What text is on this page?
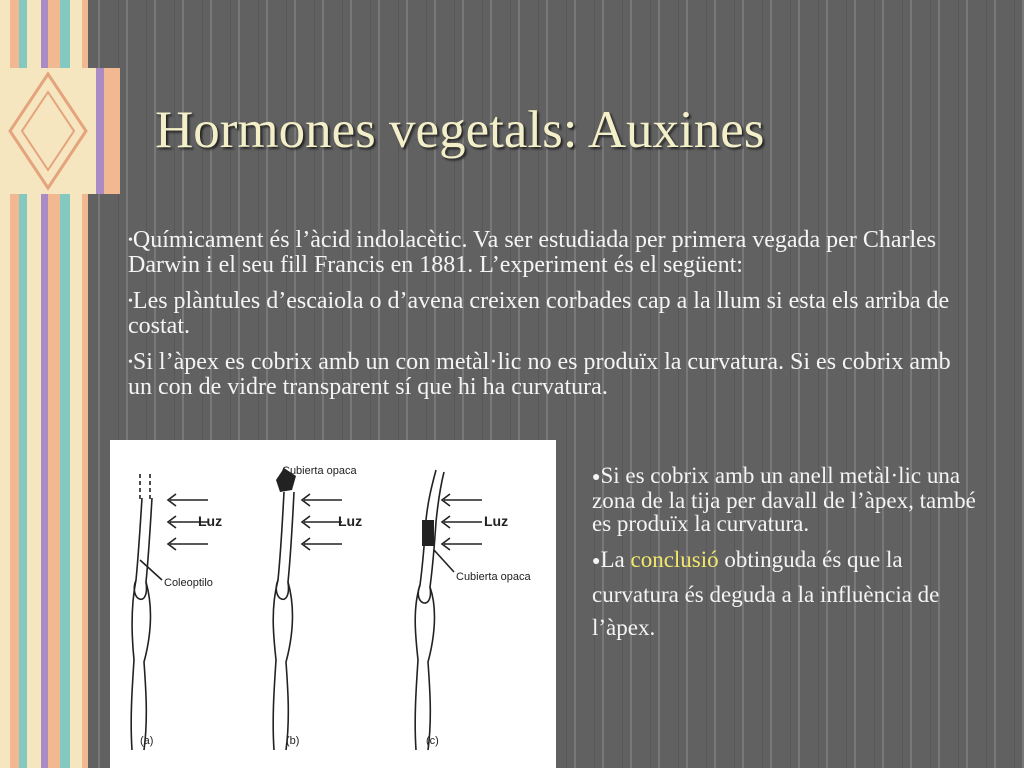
Hormones vegetals: Auxines

•Químicament és l’àcid indolacètic. Va ser estudiada per primera vegada per Charles Darwin i el seu fill Francis en 1881. L’experiment és el següent:

•Les plàntules d’escaiola o d’avena creixen corbades cap a la llum si esta els arriba de costat.

•Si l’àpex es cobrix amb un con metàl·lic no es produïx la curvatura. Si es cobrix amb un con de vidre transparent sí que hi ha curvatura.

Cubierta opaca
Luz	Luz	Luz
Coleoptilo	Cubierta opaca
(a)	(b)	(c)

●Si es cobrix amb un anell metàl·lic una zona de la tija per davall de l’àpex, també es produïx la curvatura.

●La conclusió obtinguda és que la curvatura és deguda a la influència de l’àpex.
